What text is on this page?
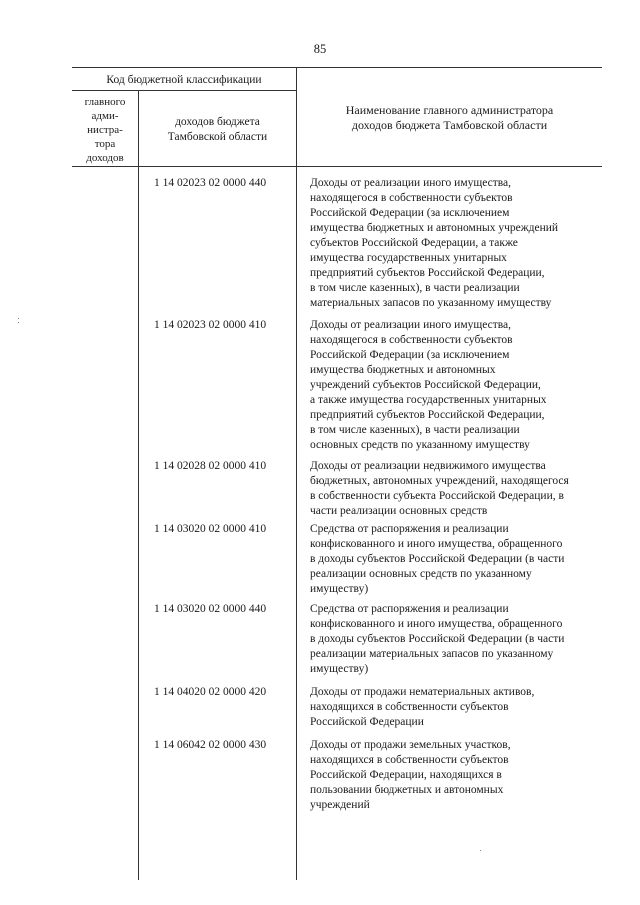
85
Код бюджетной классификации
главного
адми-
нистра-
тора
доходов
доходов бюджета
Тамбовской области
Наименование главного администратора
доходов бюджета Тамбовской области
1 14 02023 02 0000 440	Доходы от реализации иного имущества,
находящегося в собственности субъектов
Российской Федерации (за исключением
имущества бюджетных и автономных учреждений
субъектов Российской Федерации, а также
имущества государственных унитарных
предприятий субъектов Российской Федерации,
в том числе казенных), в части реализации
материальных запасов по указанному имуществу
1 14 02023 02 0000 410	Доходы от реализации иного имущества,
находящегося в собственности субъектов
Российской Федерации (за исключением
имущества бюджетных и автономных
учреждений субъектов Российской Федерации,
а также имущества государственных унитарных
предприятий субъектов Российской Федерации,
в том числе казенных), в части реализации
основных средств по указанному имуществу
1 14 02028 02 0000 410	Доходы от реализации недвижимого имущества
бюджетных, автономных учреждений, находящегося
в собственности субъекта Российской Федерации, в
части реализации основных средств
1 14 03020 02 0000 410	Средства от распоряжения и реализации
конфискованного и иного имущества, обращенного
в доходы субъектов Российской Федерации (в части
реализации основных средств по указанному
имуществу)
1 14 03020 02 0000 440	Средства от распоряжения и реализации
конфискованного и иного имущества, обращенного
в доходы субъектов Российской Федерации (в части
реализации материальных запасов по указанному
имуществу)
1 14 04020 02 0000 420	Доходы от продажи нематериальных активов,
находящихся в собственности субъектов
Российской Федерации
1 14 06042 02 0000 430	Доходы от продажи земельных участков,
находящихся в собственности субъектов
Российской Федерации, находящихся в
пользовании бюджетных и автономных
учреждений
